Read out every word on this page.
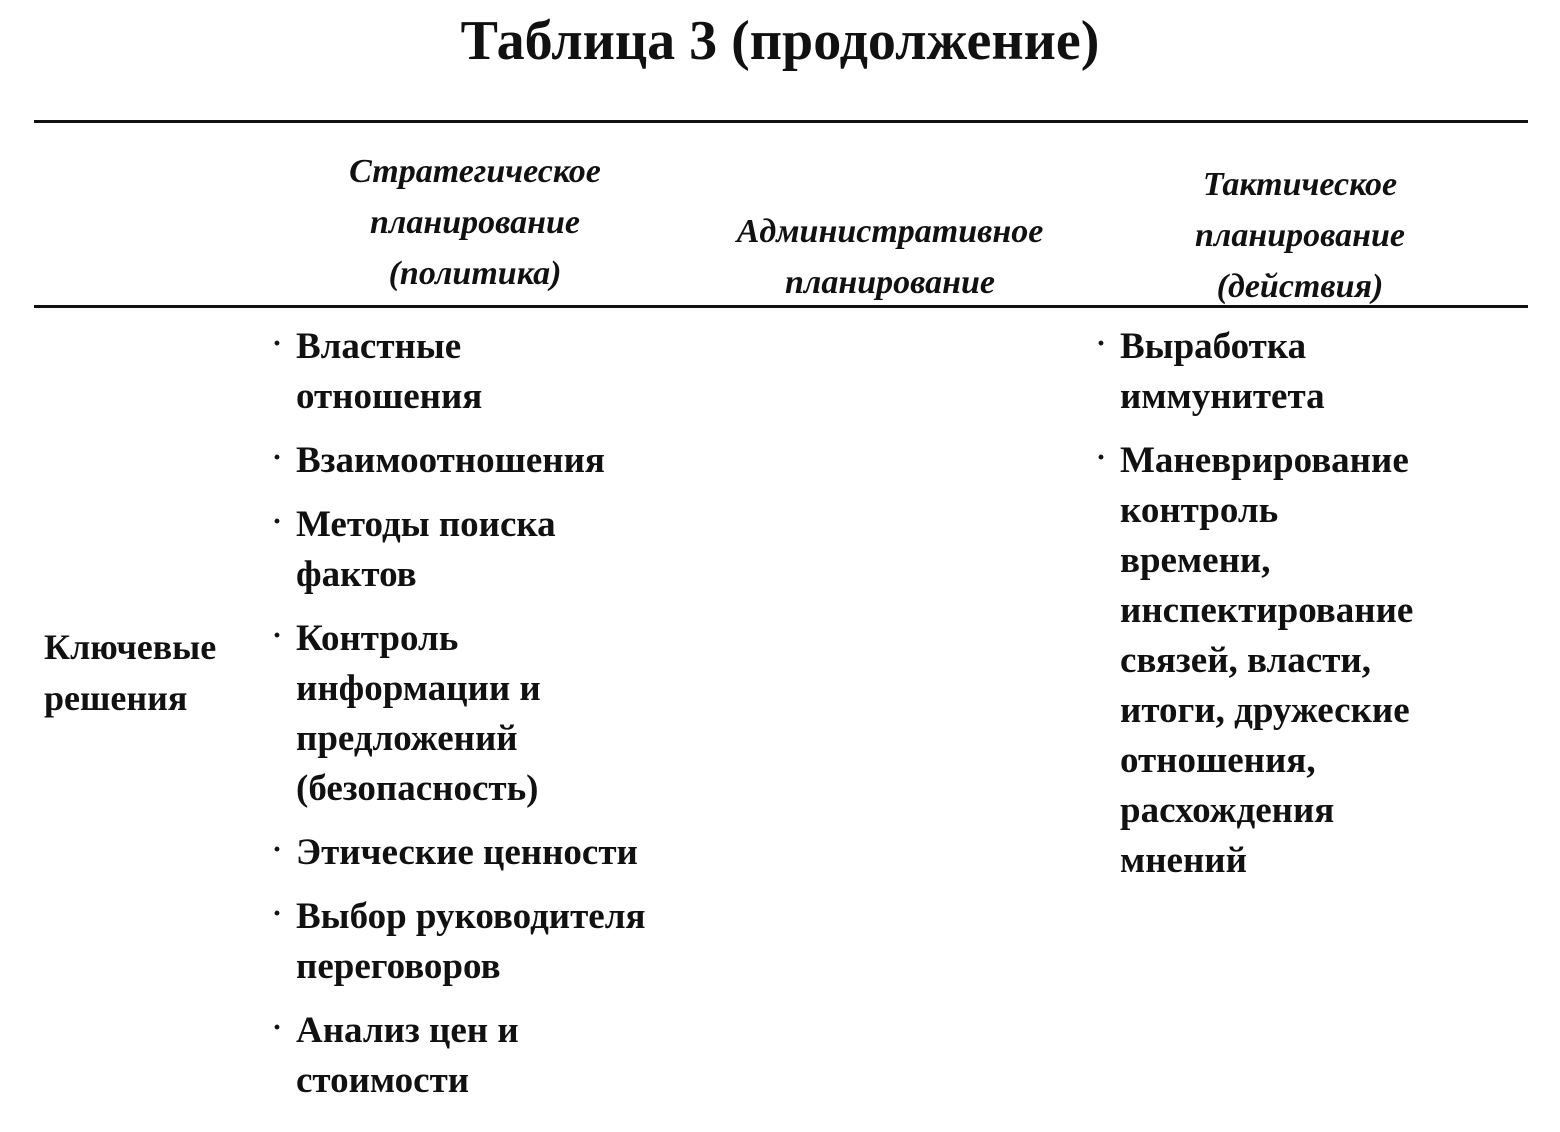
Таблица 3 (продолжение)
Стратегическое
планирование
(политика)
Административное
планирование
Тактическое
планирование
(действия)
Ключевые
решения
· Властные
отношения
· Взаимоотношения
· Методы поиска
фактов
· Контроль
информации и
предложений
(безопасность)
· Этические ценности
· Выбор руководителя
переговоров
· Анализ цен и
стоимости
· Выработка
иммунитета
· Маневрирование
контроль
времени,
инспектирование
связей, власти,
итоги, дружеские
отношения,
расхождения
мнений
